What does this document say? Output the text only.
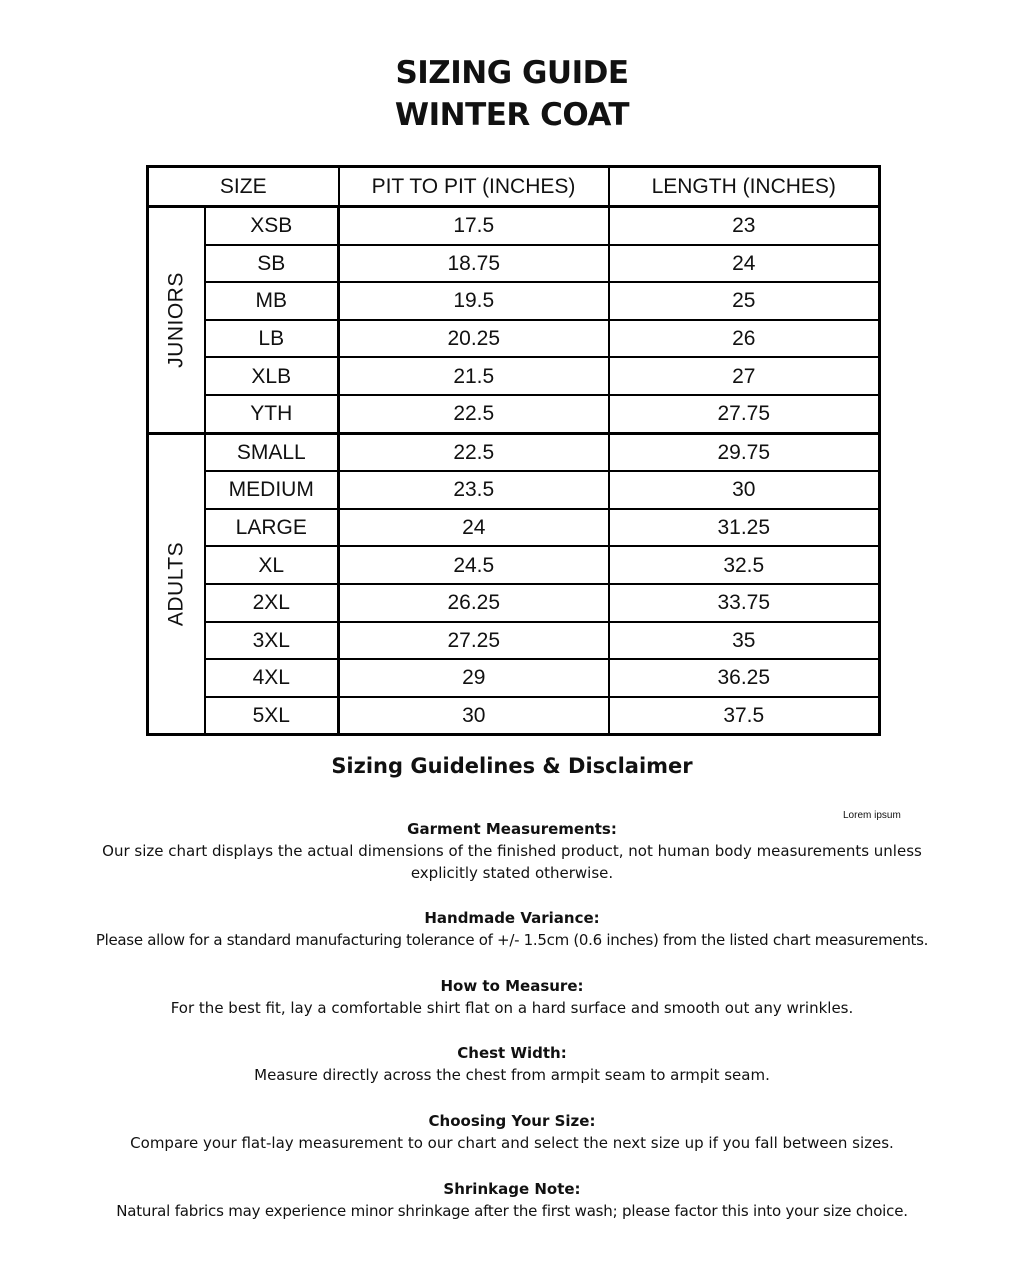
SIZING GUIDE
WINTER COAT
SIZE		PIT TO PIT (INCHES)	LENGTH (INCHES)

JUNIORS	XSB	17.5	23
	SB	18.75	24
	MB	19.5	25
	LB	20.25	26
	XLB	21.5	27
	YTH	22.5	27.75

ADULTS	SMALL	22.5	29.75
	MEDIUM	23.5	30
	LARGE	24	31.25
	XL	24.5	32.5
	2XL	26.25	33.75
	3XL	27.25	35
	4XL	29	36.25
	5XL	30	37.5
Sizing Guidelines & Disclaimer
Lorem ipsum
Garment Measurements:
Our size chart displays the actual dimensions of the finished product, not human body measurements unless explicitly stated otherwise.
Handmade Variance:
Please allow for a standard manufacturing tolerance of +/- 1.5cm (0.6 inches) from the listed chart measurements.
How to Measure:
For the best fit, lay a comfortable shirt flat on a hard surface and smooth out any wrinkles.
Chest Width:
Measure directly across the chest from armpit seam to armpit seam.
Choosing Your Size:
Compare your flat-lay measurement to our chart and select the next size up if you fall between sizes.
Shrinkage Note:
Natural fabrics may experience minor shrinkage after the first wash; please factor this into your size choice.
